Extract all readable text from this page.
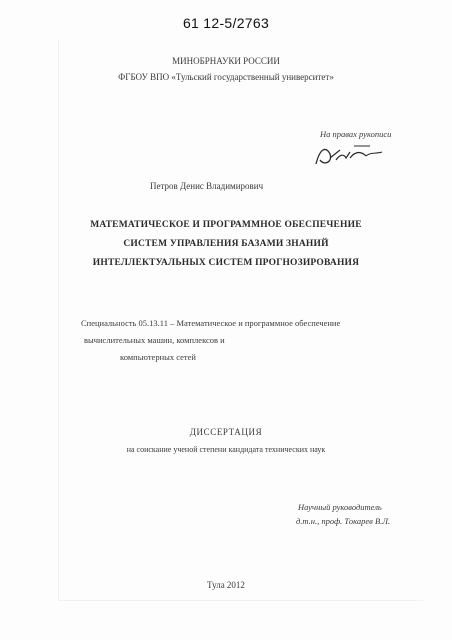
61 12-5/2763
МИНОБРНАУКИ РОССИИ
ФГБОУ ВПО «Тульский государственный университет»
На правах рукописи
Петров Денис Владимирович
МАТЕМАТИЧЕСКОЕ И ПРОГРАММНОЕ ОБЕСПЕЧЕНИЕ
СИСТЕМ УПРАВЛЕНИЯ БАЗАМИ ЗНАНИЙ
ИНТЕЛЛЕКТУАЛЬНЫХ СИСТЕМ ПРОГНОЗИРОВАНИЯ
Специальность 05.13.11 – Математическое и программное обеспечение
вычислительных машин, комплексов и
компьютерных сетей
ДИССЕРТАЦИЯ
на соискание ученой степени кандидата технических наук
Научный руководитель
д.т.н., проф. Токарев В.Л.
Тула 2012
